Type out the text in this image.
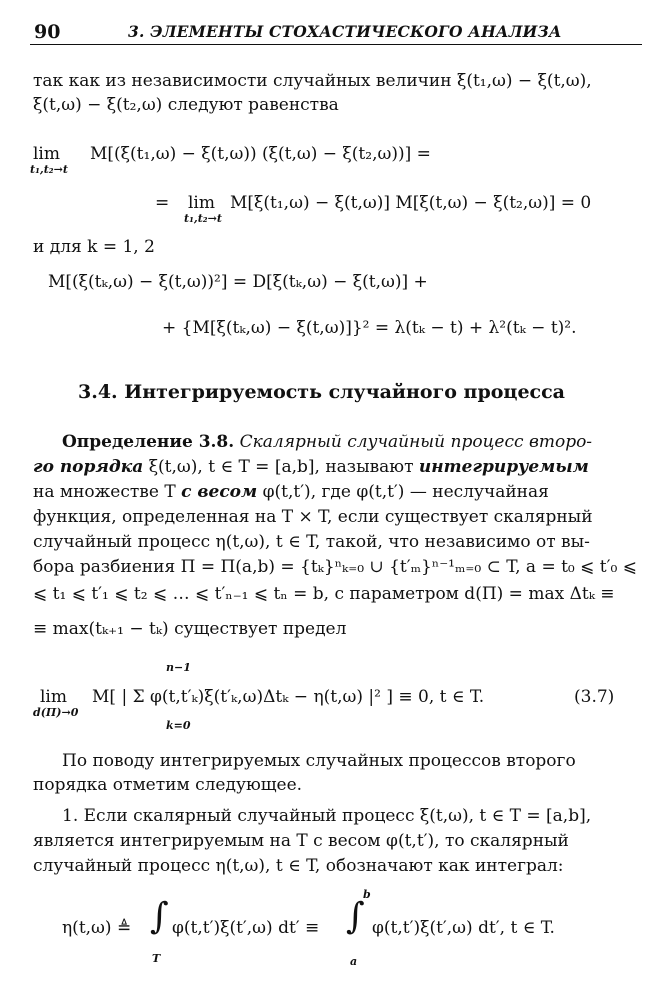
90	3. ЭЛЕМЕНТЫ СТОХАСТИЧЕСКОГО АНАЛИЗА
так как из независимости случайных величин ξ(t₁,ω) − ξ(t,ω),
ξ(t,ω) − ξ(t₂,ω) следуют равенства
lim
t₁,t₂→t
M[(ξ(t₁,ω) − ξ(t,ω)) (ξ(t,ω) − ξ(t₂,ω))] =
= lim
t₁,t₂→t
M[ξ(t₁,ω) − ξ(t,ω)] M[ξ(t,ω) − ξ(t₂,ω)] = 0
и для k = 1, 2
M[(ξ(tₖ,ω) − ξ(t,ω))²] = D[ξ(tₖ,ω) − ξ(t,ω)] +
+ {M[ξ(tₖ,ω) − ξ(t,ω)]}² = λ(tₖ − t) + λ²(tₖ − t)².
3.4. Интегрируемость случайного процесса
Определение 3.8. Скалярный случайный процесс второ-
го порядка ξ(t,ω), t ∈ T = [a,b], называют интегрируемым
на множестве T с весом φ(t,t′), где φ(t,t′) — неслучайная
функция, определенная на T × T, если существует скалярный
случайный процесс η(t,ω), t ∈ T, такой, что независимо от вы-
бора разбиения Π = Π(a,b) = {tₖ}ⁿₖ₌₀ ∪ {t′ₘ}ⁿ⁻¹ₘ₌₀ ⊂ T, a = t₀ ⩽ t′₀ ⩽
⩽ t₁ ⩽ t′₁ ⩽ t₂ ⩽ … ⩽ t′ₙ₋₁ ⩽ tₙ = b, с параметром d(Π) = max Δtₖ ≡
≡ max(tₖ₊₁ − tₖ) существует предел
lim
d(Π)→0
n−1
k=0
M[ | Σ φ(t,t′ₖ)ξ(t′ₖ,ω)Δtₖ − η(t,ω) |² ] ≡ 0, t ∈ T.	(3.7)
По поводу интегрируемых случайных процессов второго
порядка отметим следующее.
1. Если скалярный случайный процесс ξ(t,ω), t ∈ T = [a,b],
является интегрируемым на T с весом φ(t,t′), то скалярный
случайный процесс η(t,ω), t ∈ T, обозначают как интеграл:
η(t,ω) ≜ ∫
T
φ(t,t′)ξ(t′,ω) dt′ ≡
b
∫
a
φ(t,t′)ξ(t′,ω) dt′, t ∈ T.
